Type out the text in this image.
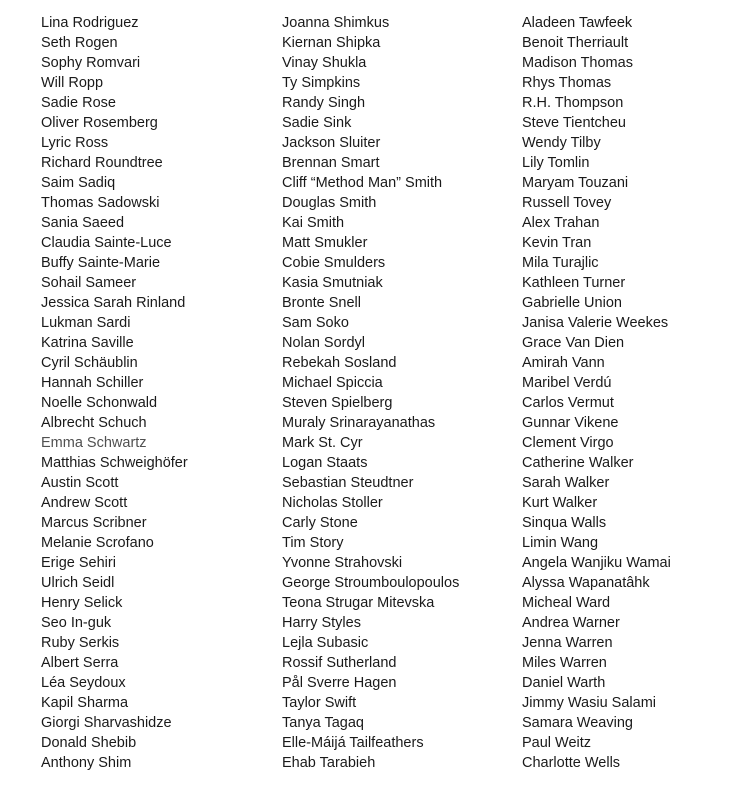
Lina Rodriguez
Seth Rogen
Sophy Romvari
Will Ropp
Sadie Rose
Oliver Rosemberg
Lyric Ross
Richard Roundtree
Saim Sadiq
Thomas Sadowski
Sania Saeed
Claudia Sainte-Luce
Buffy Sainte-Marie
Sohail Sameer
Jessica Sarah Rinland
Lukman Sardi
Katrina Saville
Cyril Schäublin
Hannah Schiller
Noelle Schonwald
Albrecht Schuch
Emma Schwartz
Matthias Schweighöfer
Austin Scott
Andrew Scott
Marcus Scribner
Melanie Scrofano
Erige Sehiri
Ulrich Seidl
Henry Selick
Seo In-guk
Ruby Serkis
Albert Serra
Léa Seydoux
Kapil Sharma
Giorgi Sharvashidze
Donald Shebib
Anthony Shim
Joanna Shimkus
Kiernan Shipka
Vinay Shukla
Ty Simpkins
Randy Singh
Sadie Sink
Jackson Sluiter
Brennan Smart
Cliff “Method Man” Smith
Douglas Smith
Kai Smith
Matt Smukler
Cobie Smulders
Kasia Smutniak
Bronte Snell
Sam Soko
Nolan Sordyl
Rebekah Sosland
Michael Spiccia
Steven Spielberg
Muraly Srinarayanathas
Mark St. Cyr
Logan Staats
Sebastian Steudtner
Nicholas Stoller
Carly Stone
Tim Story
Yvonne Strahovski
George Stroumboulopoulos
Teona Strugar Mitevska
Harry Styles
Lejla Subasic
Rossif Sutherland
Pål Sverre Hagen
Taylor Swift
Tanya Tagaq
Elle-Máijá Tailfeathers
Ehab Tarabieh
Aladeen Tawfeek
Benoit Therriault
Madison Thomas
Rhys Thomas
R.H. Thompson
Steve Tientcheu
Wendy Tilby
Lily Tomlin
Maryam Touzani
Russell Tovey
Alex Trahan
Kevin Tran
Mila Turajlic
Kathleen Turner
Gabrielle Union
Janisa Valerie Weekes
Grace Van Dien
Amirah Vann
Maribel Verdú
Carlos Vermut
Gunnar Vikene
Clement Virgo
Catherine Walker
Sarah Walker
Kurt Walker
Sinqua Walls
Limin Wang
Angela Wanjiku Wamai
Alyssa Wapanatâhk
Micheal Ward
Andrea Warner
Jenna Warren
Miles Warren
Daniel Warth
Jimmy Wasiu Salami
Samara Weaving
Paul Weitz
Charlotte Wells
